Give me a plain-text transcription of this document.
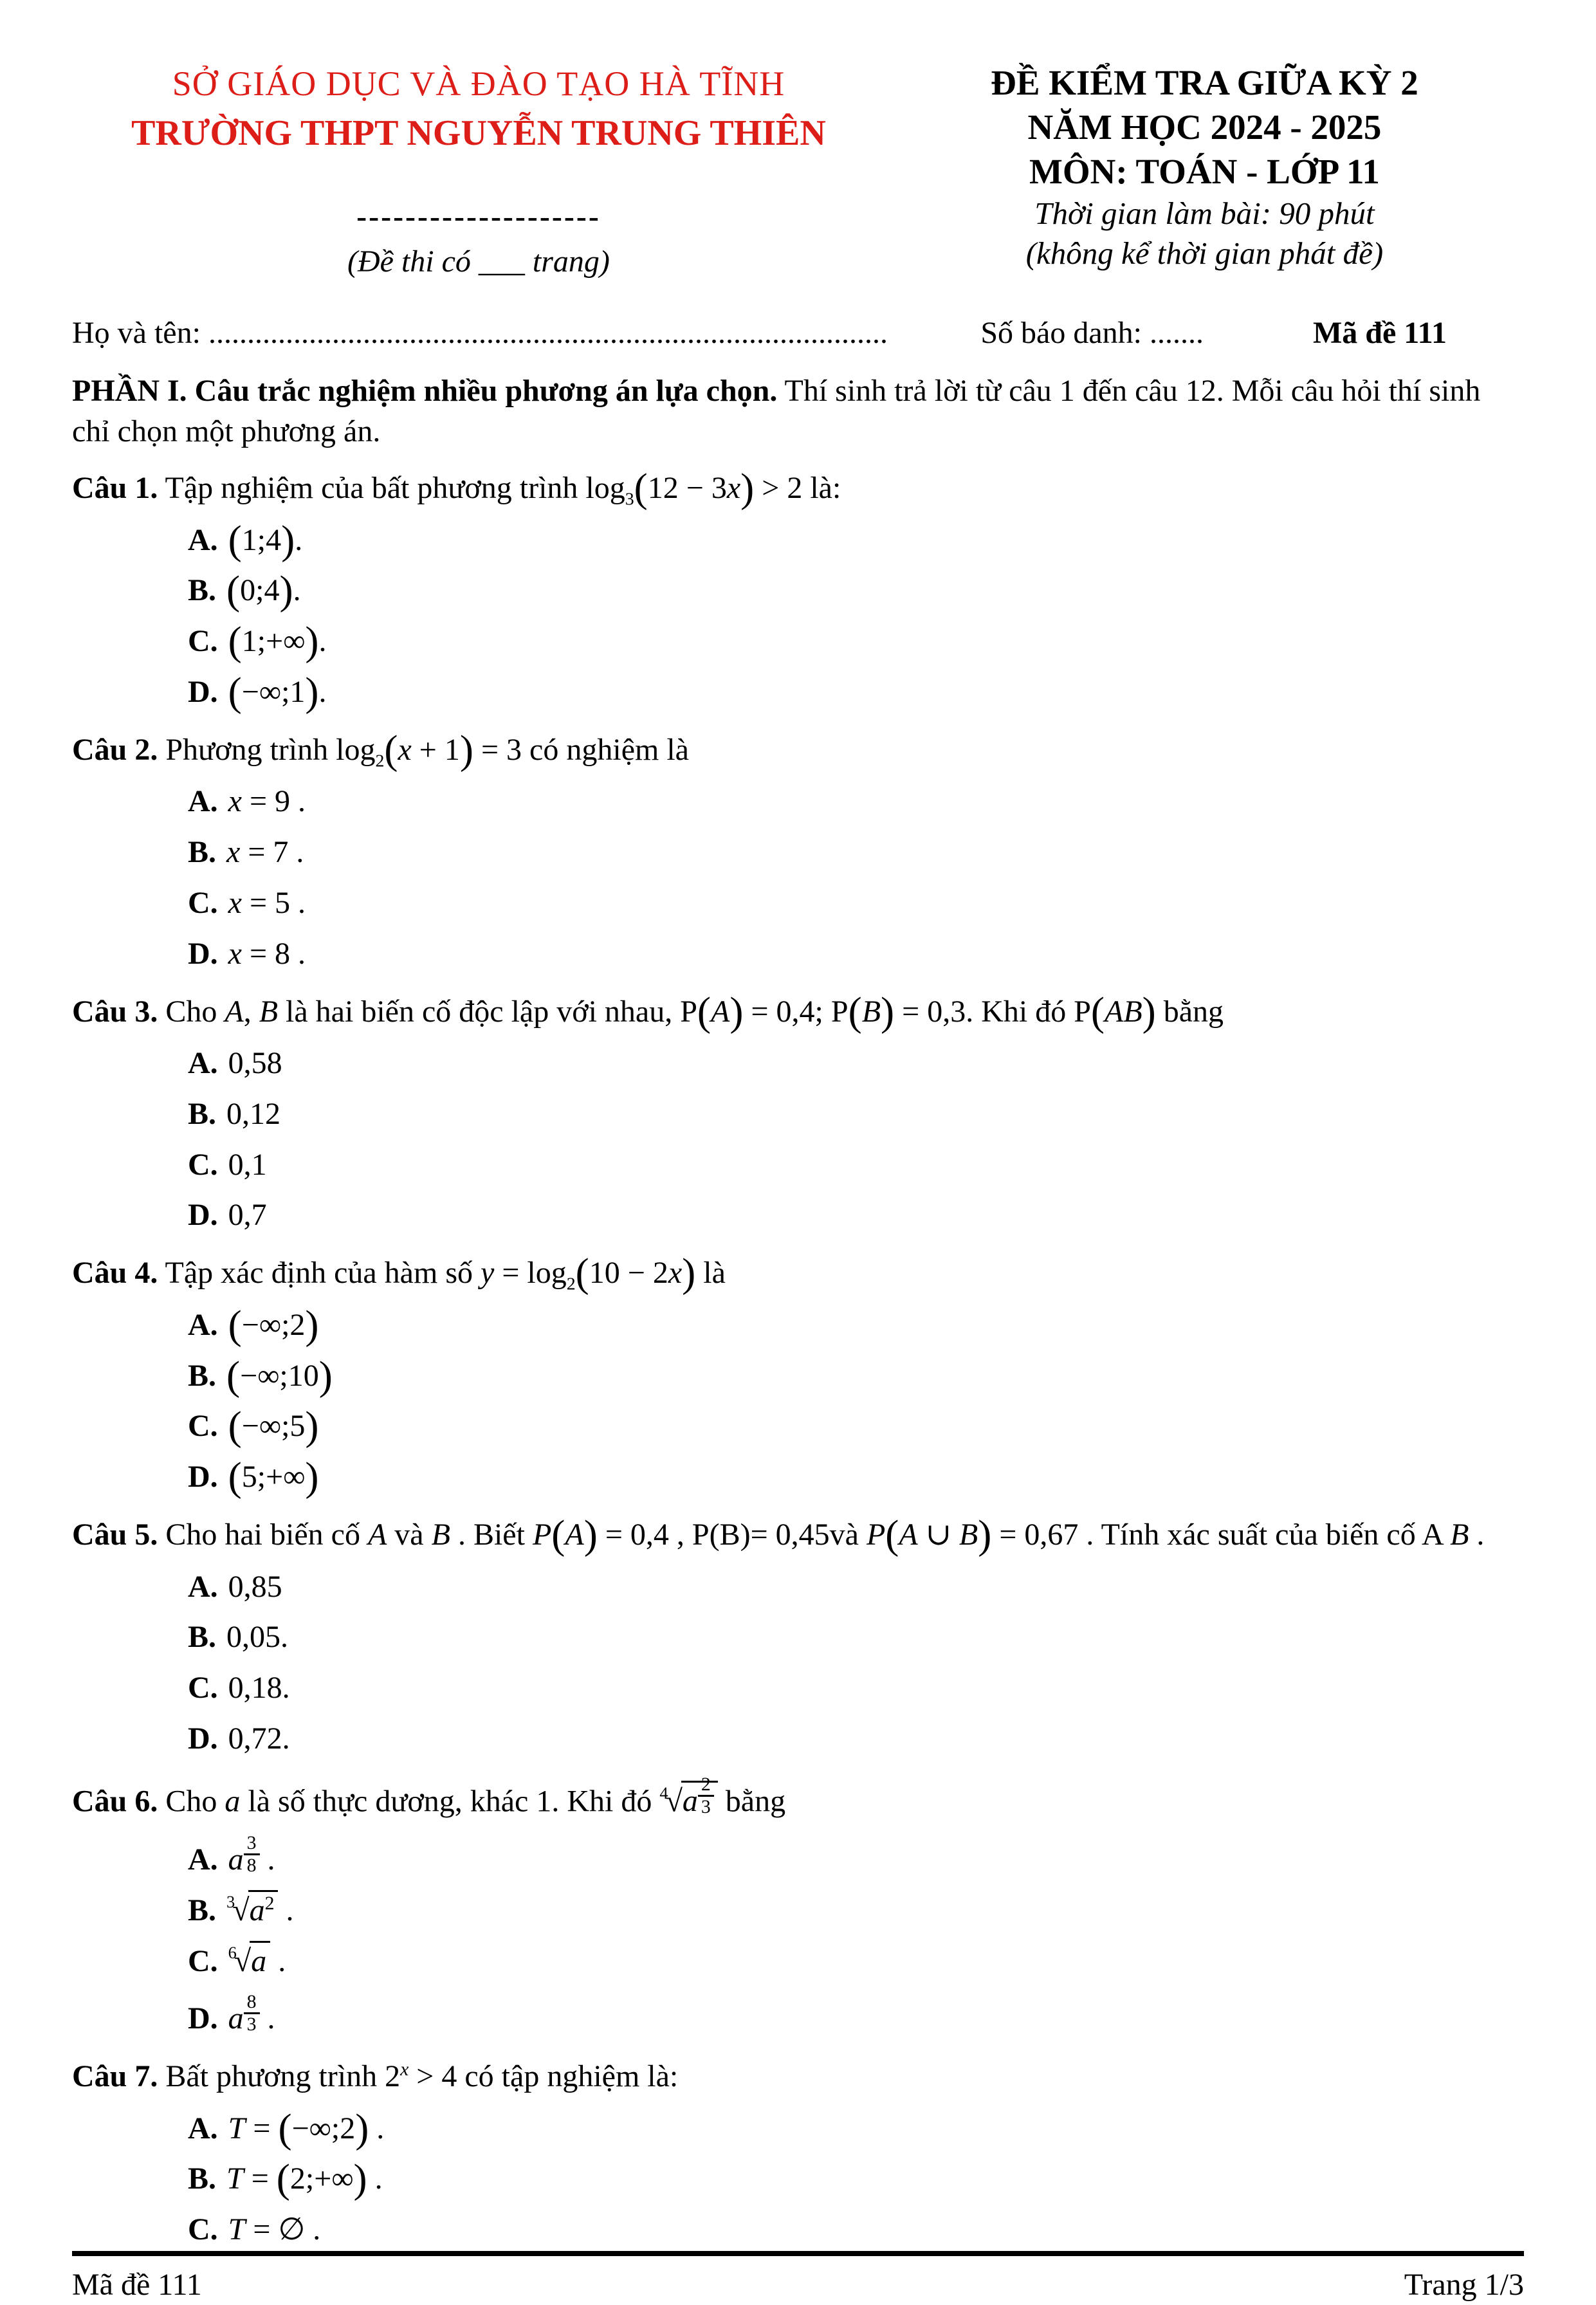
SỞ GIÁO DỤC VÀ ĐÀO TẠO HÀ TĨNH
TRƯỜNG THPT NGUYỄN TRUNG THIÊN
--------------------
(Đề thi có ___ trang)
ĐỀ KIỂM TRA GIỮA KỲ 2
NĂM HỌC 2024 - 2025
MÔN: TOÁN - LỚP 11
Thời gian làm bài: 90 phút
(không kể thời gian phát đề)
Họ và tên: ........................................................................................	Số báo danh: .......	Mã đề 111
PHẦN I. Câu trắc nghiệm nhiều phương án lựa chọn. Thí sinh trả lời từ câu 1 đến câu 12. Mỗi câu hỏi thí sinh chỉ chọn một phương án.
Câu 1. Tập nghiệm của bất phương trình $\log_3(12 - 3x) > 2$ là:
A. (1;4).
B. (0;4).
C. (1;+∞).
D. (−∞;1).
Câu 2. Phương trình $\log_2(x + 1) = 3$ có nghiệm là
A. x = 9 .
B. x = 7 .
C. x = 5 .
D. x = 8 .
Câu 3. Cho A, B là hai biến cố độc lập với nhau, P(A) = 0,4; P(B) = 0,3. Khi đó P(AB) bằng
A. 0,58
B. 0,12
C. 0,1
D. 0,7
Câu 4. Tập xác định của hàm số $y = \log_2(10 - 2x)$ là
A. (−∞;2)
B. (−∞;10)
C. (−∞;5)
D. (5;+∞)
Câu 5. Cho hai biến cố A và B . Biết P(A) = 0,4 , P(B)= 0,45và P(A ∪ B) = 0,67 . Tính xác suất của biến cố A B .
A. 0,85
B. 0,05.
C. 0,18.
D. 0,72.
Câu 6. Cho a là số thực dương, khác 1. Khi đó $^4$√a $^{\frac{2}{3}}$ bằng
A. a $^{\frac{3}{8}}$ .
B. $^3√a^2$ .
C. $^6$√a .
D. a $^{\frac{8}{3}}$ .
Câu 7. Bất phương trình $2^x > 4$ có tập nghiệm là:
A. T = (−∞;2) .
B. T = (2;+∞) .
C. T = ∅ .
Mã đề 111	Trang 1/3
